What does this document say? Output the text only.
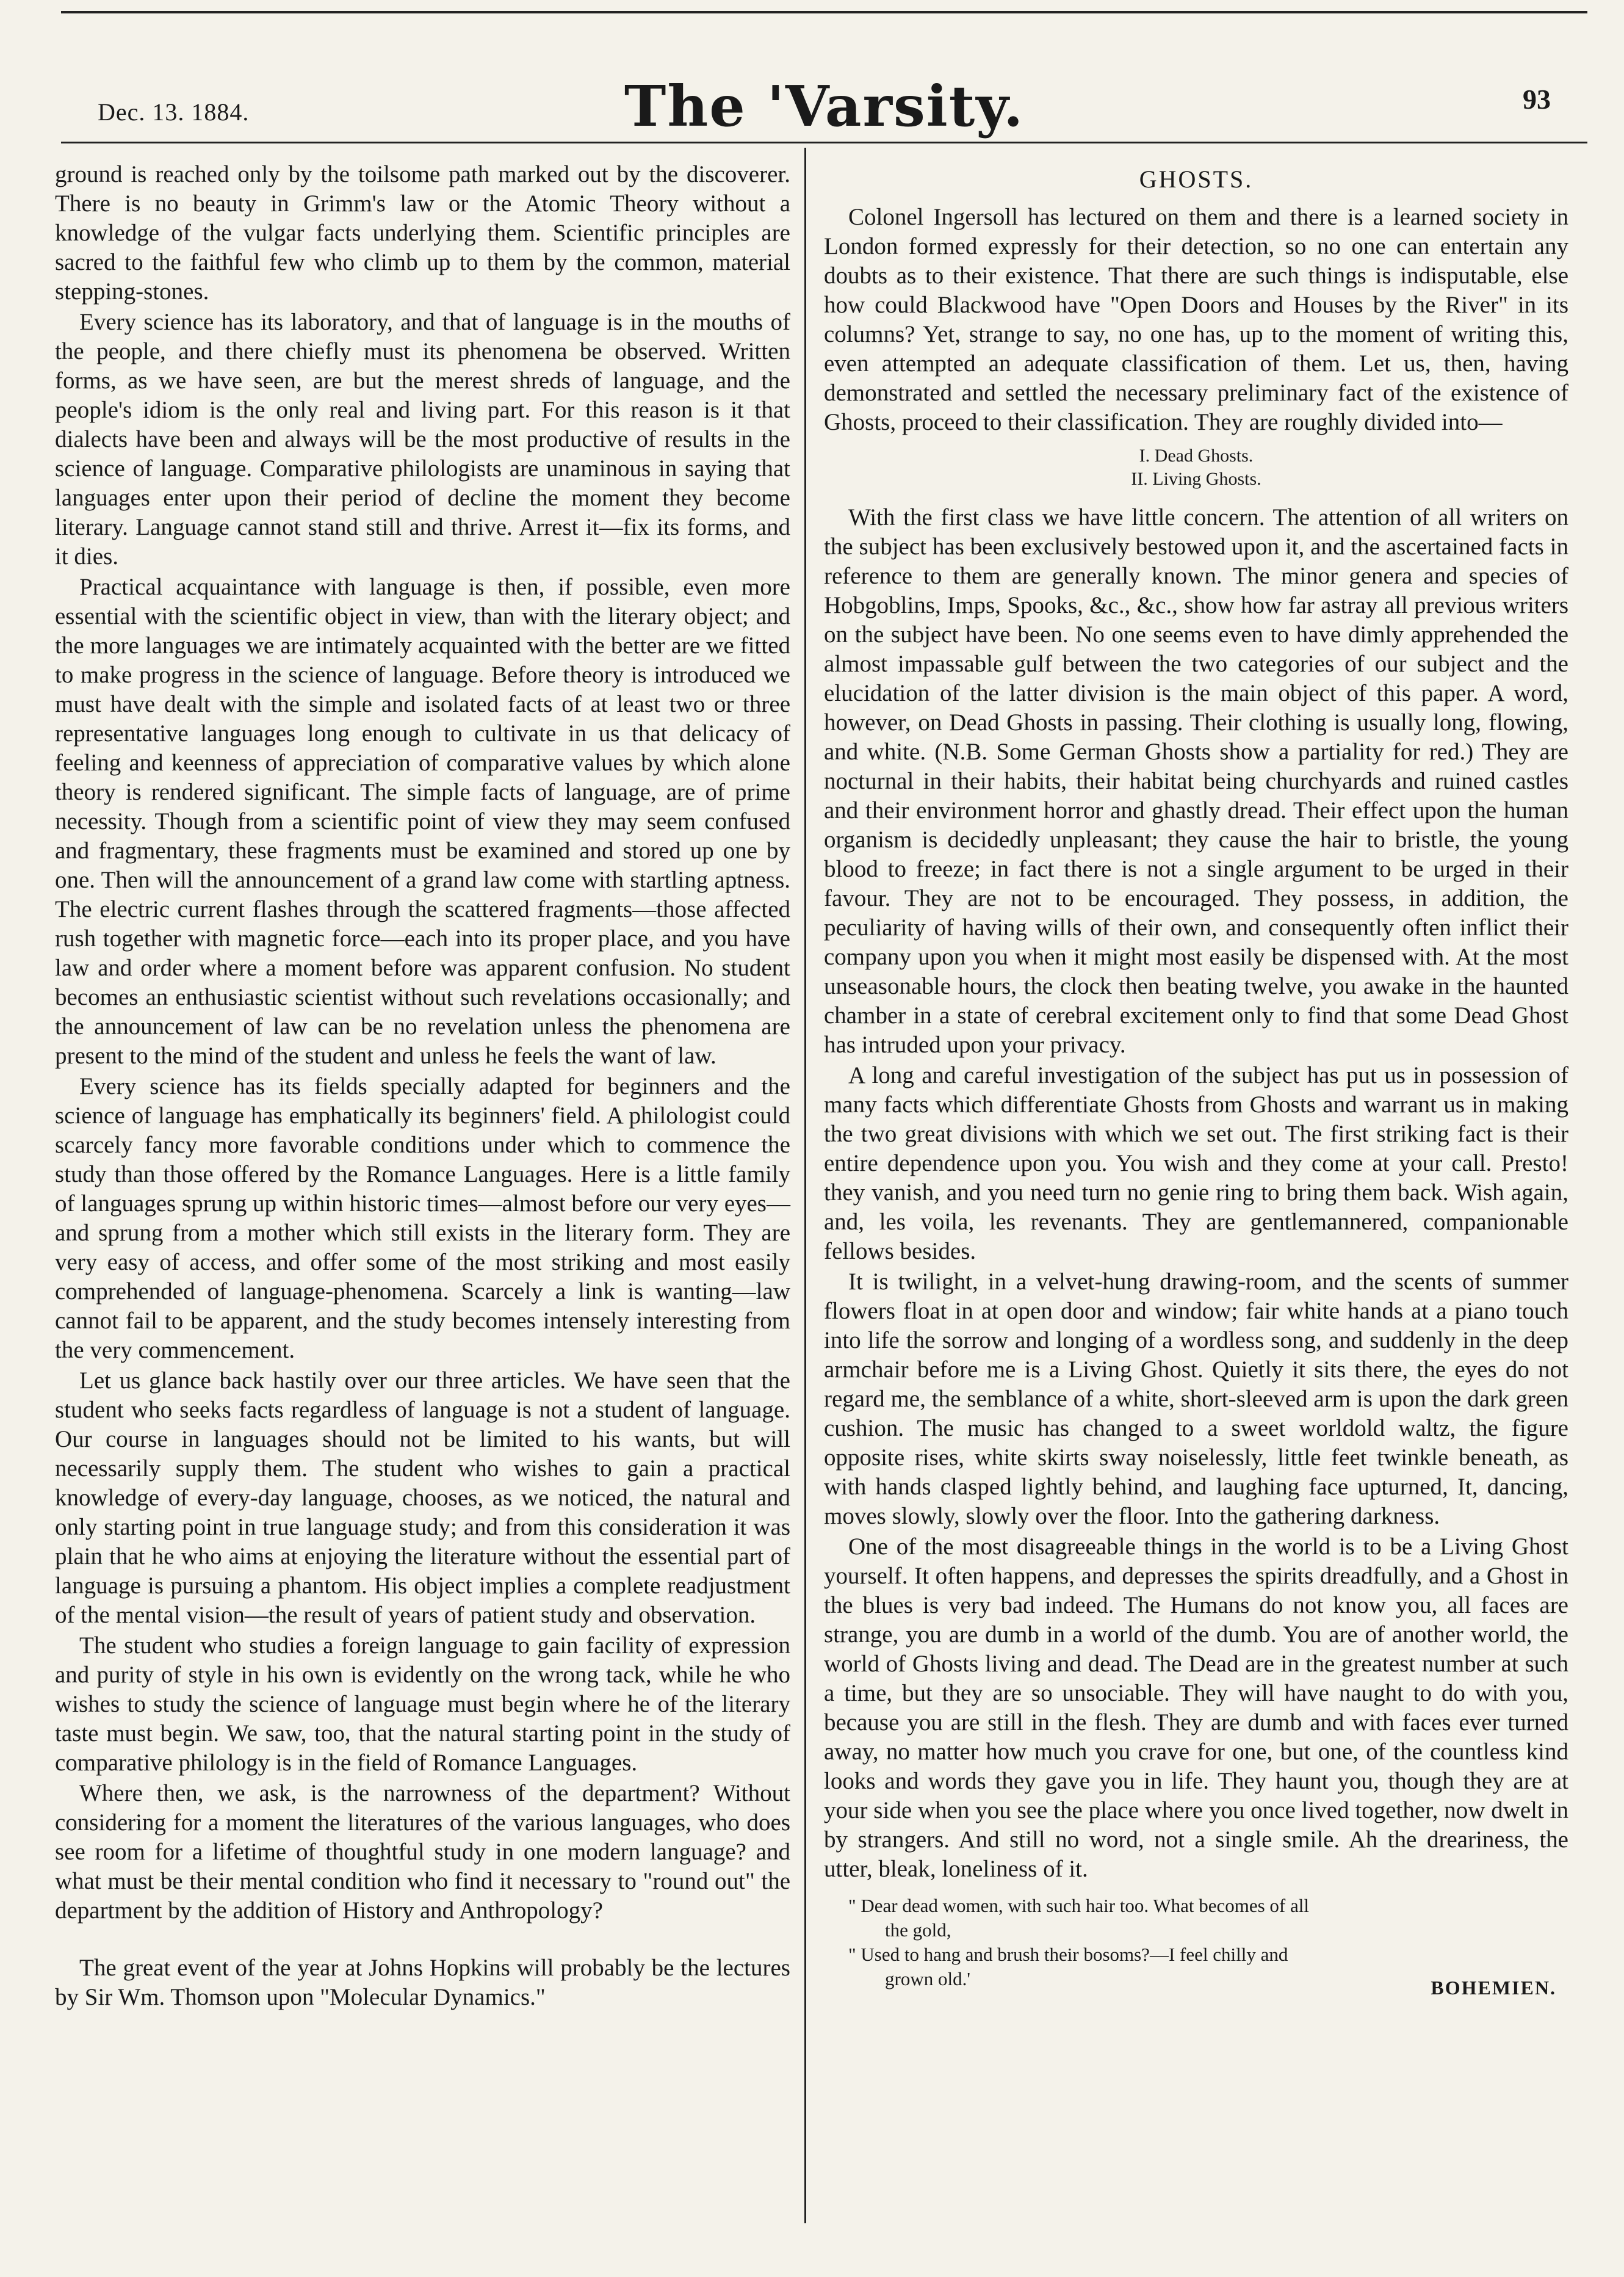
Dec. 13. 1884.	The 'Varsity.	93

ground is reached only by the toilsome path marked out by the discoverer. There is no beauty in Grimm's law or the Atomic Theory without a knowledge of the vulgar facts underlying them. Scientific principles are sacred to the faithful few who climb up to them by the common, material stepping-stones.

Every science has its laboratory, and that of language is in the mouths of the people, and there chiefly must its phenomena be observed. Written forms, as we have seen, are but the merest shreds of language, and the people's idiom is the only real and living part. For this reason is it that dialects have been and always will be the most productive of results in the science of language. Comparative philologists are unaminous in saying that languages enter upon their period of decline the moment they become literary. Language cannot stand still and thrive. Arrest it—fix its forms, and it dies.

Practical acquaintance with language is then, if possible, even more essential with the scientific object in view, than with the literary object; and the more languages we are intimately acquainted with the better are we fitted to make progress in the science of language. Before theory is introduced we must have dealt with the simple and isolated facts of at least two or three representative languages long enough to cultivate in us that delicacy of feeling and keenness of appreciation of comparative values by which alone theory is rendered significant. The simple facts of language, are of prime necessity. Though from a scientific point of view they may seem confused and fragmentary, these fragments must be examined and stored up one by one. Then will the announcement of a grand law come with startling aptness. The electric current flashes through the scattered fragments—those affected rush together with magnetic force—each into its proper place, and you have law and order where a moment before was apparent confusion. No student becomes an enthusiastic scientist without such revelations occasionally; and the announcement of law can be no revelation unless the phenomena are present to the mind of the student and unless he feels the want of law.

Every science has its fields specially adapted for beginners and the science of language has emphatically its beginners' field. A philologist could scarcely fancy more favorable conditions under which to commence the study than those offered by the Romance Languages. Here is a little family of languages sprung up within historic times—almost before our very eyes—and sprung from a mother which still exists in the literary form. They are very easy of access, and offer some of the most striking and most easily comprehended of language-phenomena. Scarcely a link is wanting—law cannot fail to be apparent, and the study becomes intensely interesting from the very commencement.

Let us glance back hastily over our three articles. We have seen that the student who seeks facts regardless of language is not a student of language. Our course in languages should not be limited to his wants, but will necessarily supply them. The student who wishes to gain a practical knowledge of every-day language, chooses, as we noticed, the natural and only starting point in true language study; and from this consideration it was plain that he who aims at enjoying the literature without the essential part of language is pursuing a phantom. His object implies a complete readjustment of the mental vision—the result of years of patient study and observation.

The student who studies a foreign language to gain facility of expression and purity of style in his own is evidently on the wrong tack, while he who wishes to study the science of language must begin where he of the literary taste must begin. We saw, too, that the natural starting point in the study of comparative philology is in the field of Romance Languages.

Where then, we ask, is the narrowness of the department? Without considering for a moment the literatures of the various languages, who does see room for a lifetime of thoughtful study in one modern language? and what must be their mental condition who find it necessary to "round out" the department by the addition of History and Anthropology?

The great event of the year at Johns Hopkins will probably be the lectures by Sir Wm. Thomson upon "Molecular Dynamics."

GHOSTS.

Colonel Ingersoll has lectured on them and there is a learned society in London formed expressly for their detection, so no one can entertain any doubts as to their existence. That there are such things is indisputable, else how could Blackwood have "Open Doors and Houses by the River" in its columns? Yet, strange to say, no one has, up to the moment of writing this, even attempted an adequate classification of them. Let us, then, having demonstrated and settled the necessary preliminary fact of the existence of Ghosts, proceed to their classification. They are roughly divided into—

I. Dead Ghosts.
II. Living Ghosts.

With the first class we have little concern. The attention of all writers on the subject has been exclusively bestowed upon it, and the ascertained facts in reference to them are generally known. The minor genera and species of Hobgoblins, Imps, Spooks, &c., &c., show how far astray all previous writers on the subject have been. No one seems even to have dimly apprehended the almost impassable gulf between the two categories of our subject and the elucidation of the latter division is the main object of this paper. A word, however, on Dead Ghosts in passing. Their clothing is usually long, flowing, and white. (N.B. Some German Ghosts show a partiality for red.) They are nocturnal in their habits, their habitat being churchyards and ruined castles and their environment horror and ghastly dread. Their effect upon the human organism is decidedly unpleasant; they cause the hair to bristle, the young blood to freeze; in fact there is not a single argument to be urged in their favour. They are not to be encouraged. They possess, in addition, the peculiarity of having wills of their own, and consequently often inflict their company upon you when it might most easily be dispensed with. At the most unseasonable hours, the clock then beating twelve, you awake in the haunted chamber in a state of cerebral excitement only to find that some Dead Ghost has intruded upon your privacy.

A long and careful investigation of the subject has put us in possession of many facts which differentiate Ghosts from Ghosts and warrant us in making the two great divisions with which we set out. The first striking fact is their entire dependence upon you. You wish and they come at your call. Presto! they vanish, and you need turn no genie ring to bring them back. Wish again, and, les voila, les revenants. They are gentlemannered, companionable fellows besides.

It is twilight, in a velvet-hung drawing-room, and the scents of summer flowers float in at open door and window; fair white hands at a piano touch into life the sorrow and longing of a wordless song, and suddenly in the deep armchair before me is a Living Ghost. Quietly it sits there, the eyes do not regard me, the semblance of a white, short-sleeved arm is upon the dark green cushion. The music has changed to a sweet worldold waltz, the figure opposite rises, white skirts sway noiselessly, little feet twinkle beneath, as with hands clasped lightly behind, and laughing face upturned, It, dancing, moves slowly, slowly over the floor. Into the gathering darkness.

One of the most disagreeable things in the world is to be a Living Ghost yourself. It often happens, and depresses the spirits dreadfully, and a Ghost in the blues is very bad indeed. The Humans do not know you, all faces are strange, you are dumb in a world of the dumb. You are of another world, the world of Ghosts living and dead. The Dead are in the greatest number at such a time, but they are so unsociable. They will have naught to do with you, because you are still in the flesh. They are dumb and with faces ever turned away, no matter how much you crave for one, but one, of the countless kind looks and words they gave you in life. They haunt you, though they are at your side when you see the place where you once lived together, now dwelt in by strangers. And still no word, not a single smile. Ah the dreariness, the utter, bleak, loneliness of it.

" Dear dead women, with such hair too. What becomes of all

the gold,

" Used to hang and brush their bosoms?—I feel chilly and

grown old.'	BOHEMIEN.
